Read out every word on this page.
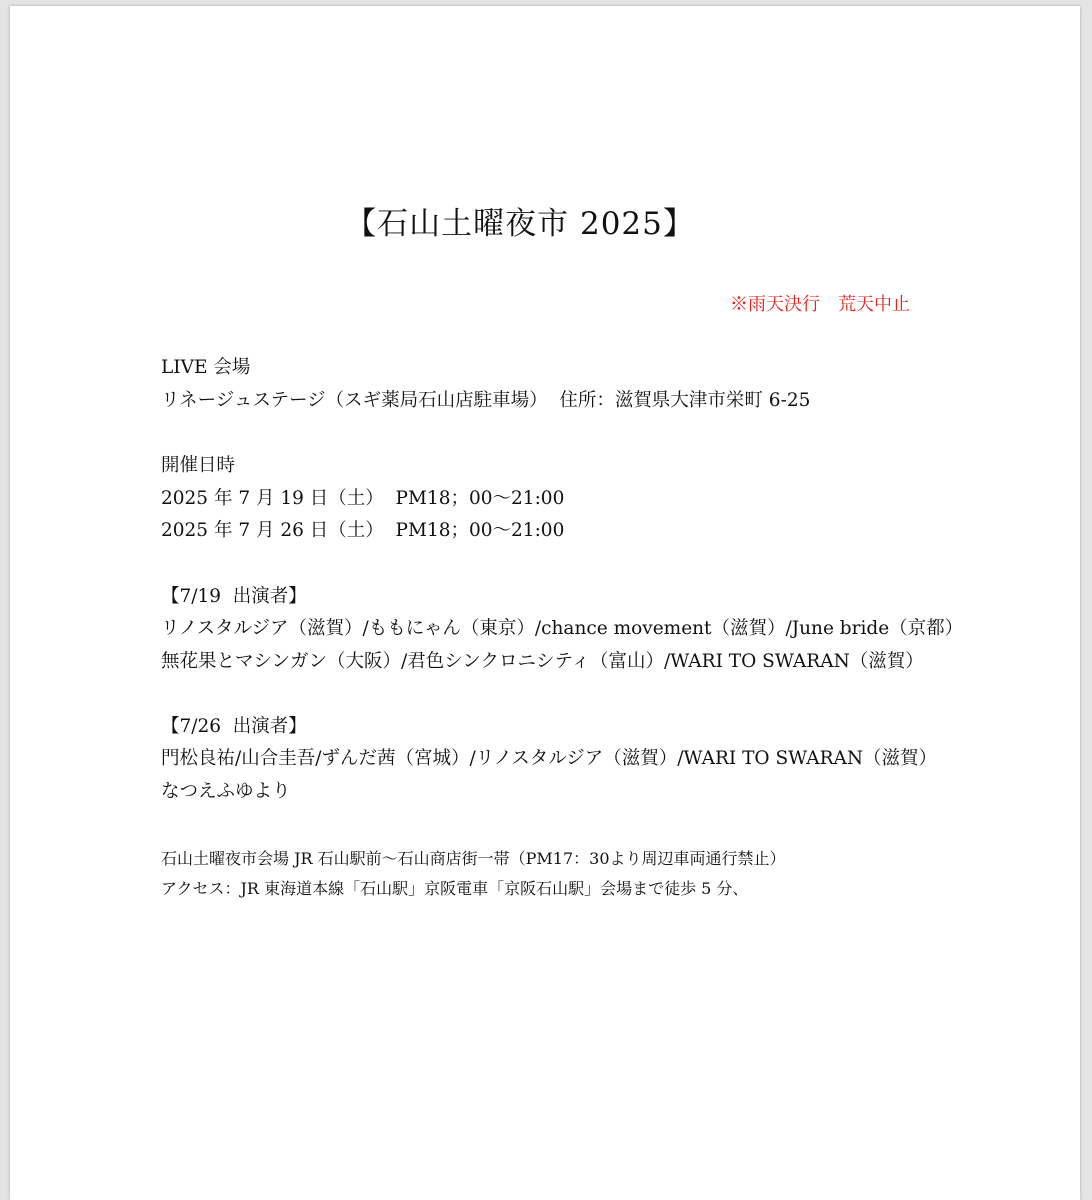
【石山土曜夜市 2025】
※雨天決行　荒天中止
LIVE 会場
リネージュステージ（スギ薬局石山店駐車場）  住所：滋賀県大津市栄町 6-25
開催日時
2025 年 7 月 19 日（土）  PM18；00～21:00
2025 年 7 月 26 日（土）  PM18；00～21:00
【7/19  出演者】
リノスタルジア（滋賀）/ももにゃん（東京）/chance movement（滋賀）/June bride（京都）
無花果とマシンガン（大阪）/君色シンクロニシティ（富山）/WARI TO SWARAN（滋賀）
【7/26  出演者】
門松良祐/山合圭吾/ずんだ茜（宮城）/リノスタルジア（滋賀）/WARI TO SWARAN（滋賀）
なつえふゆより
石山土曜夜市会場 JR 石山駅前～石山商店街一帯（PM17：30より周辺車両通行禁止）
アクセス：JR 東海道本線「石山駅」京阪電車「京阪石山駅」会場まで徒歩 5 分、
